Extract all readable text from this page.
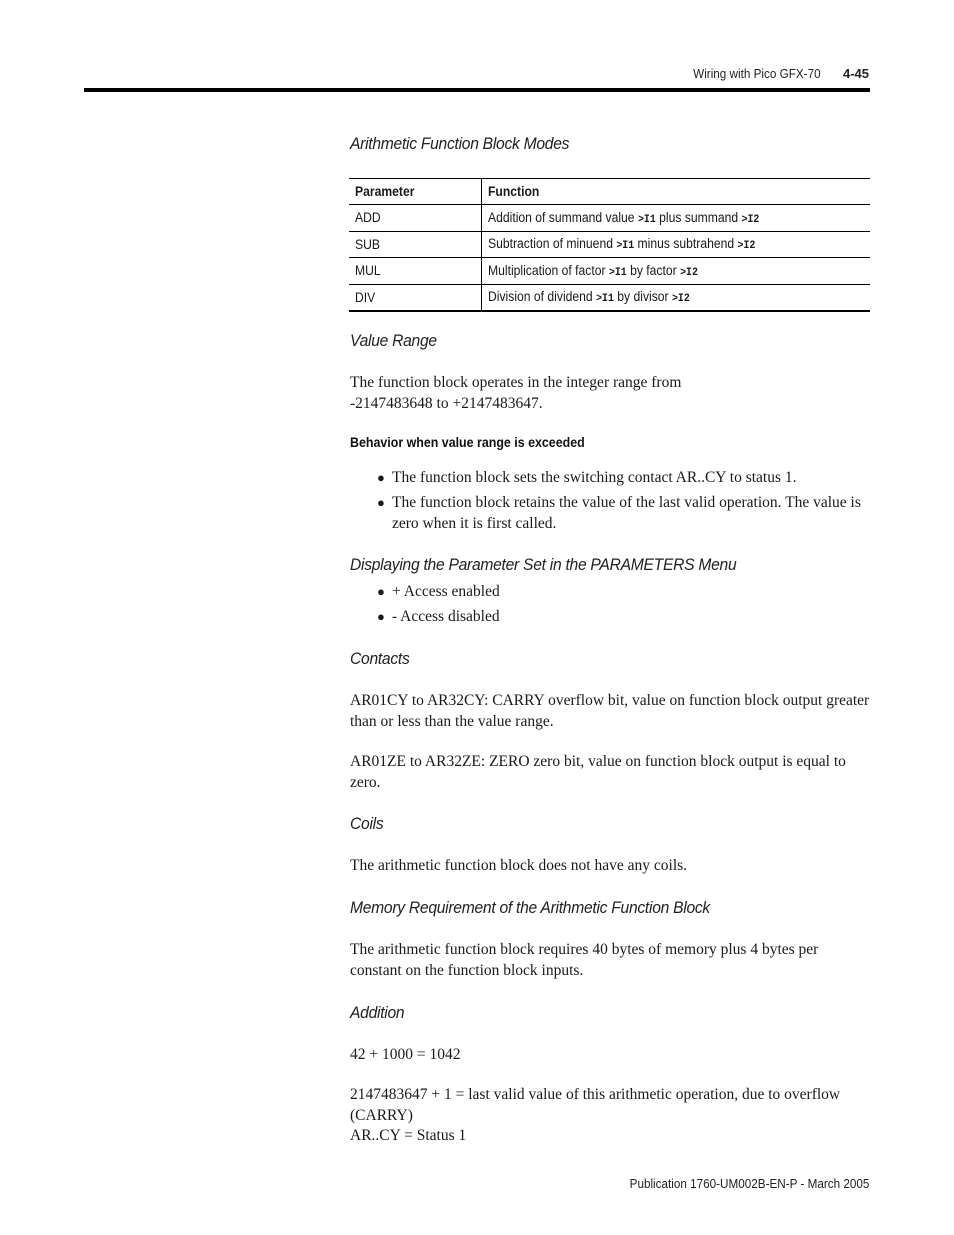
Wiring with Pico GFX-70 4-45
Arithmetic Function Block Modes
Parameter	Function
ADD	Addition of summand value >I1 plus summand >I2
SUB	Subtraction of minuend >I1 minus subtrahend >I2
MUL	Multiplication of factor >I1 by factor >I2
DIV	Division of dividend >I1 by divisor >I2
Value Range
The function block operates in the integer range from
-2147483648 to +2147483647.
Behavior when value range is exceeded
● The function block sets the switching contact AR..CY to status 1.
● The function block retains the value of the last valid operation. The value is zero when it is first called.
Displaying the Parameter Set in the PARAMETERS Menu
● + Access enabled
● - Access disabled
Contacts
AR01CY to AR32CY: CARRY overflow bit, value on function block output greater than or less than the value range.
AR01ZE to AR32ZE: ZERO zero bit, value on function block output is equal to zero.
Coils
The arithmetic function block does not have any coils.
Memory Requirement of the Arithmetic Function Block
The arithmetic function block requires 40 bytes of memory plus 4 bytes per constant on the function block inputs.
Addition
42 + 1000 = 1042
2147483647 + 1 = last valid value of this arithmetic operation, due to overflow (CARRY)
AR..CY = Status 1
Publication 1760-UM002B-EN-P - March 2005
